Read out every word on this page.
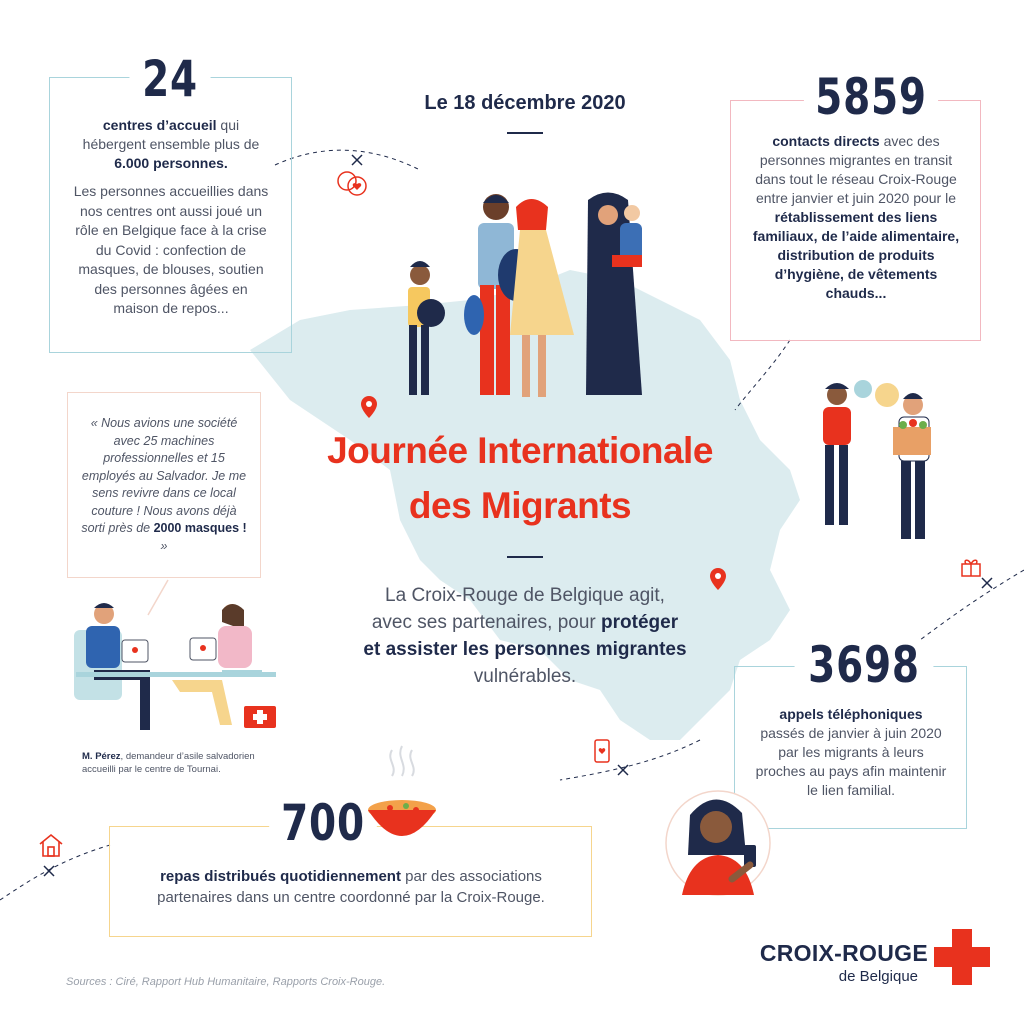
24
centres d’accueil qui
hébergent ensemble plus de
6.000 personnes.
Les personnes accueillies dans nos centres ont aussi joué un rôle en Belgique face à la crise du Covid : confection de masques, de blouses, soutien des personnes âgées en maison de repos...
Le 18 décembre 2020
Journée Internationale
des Migrants
La Croix-Rouge de Belgique agit,
avec ses partenaires, pour protéger
et assister les personnes migrantes
vulnérables.
5859
contacts directs avec des personnes migrantes en transit dans tout le réseau Croix-Rouge entre janvier et juin 2020 pour le rétablissement des liens familiaux, de l’aide alimentaire, distribution de produits d’hygiène, de vêtements chauds...
« Nous avions une société avec 25 machines professionnelles et 15 employés au Salvador. Je me sens revivre dans ce local couture ! Nous avons déjà sorti près de 2000 masques ! »
M. Pérez, demandeur d’asile salvadorien accueilli par le centre de Tournai.
3698
appels téléphoniques
passés de janvier à juin 2020 par les migrants à leurs proches au pays afin maintenir le lien familial.
700
repas distribués quotidiennement par des associations
partenaires dans un centre coordonné par la Croix-Rouge.
Sources : Ciré, Rapport Hub Humanitaire, Rapports Croix-Rouge.
CROIX-ROUGE
de Belgique
